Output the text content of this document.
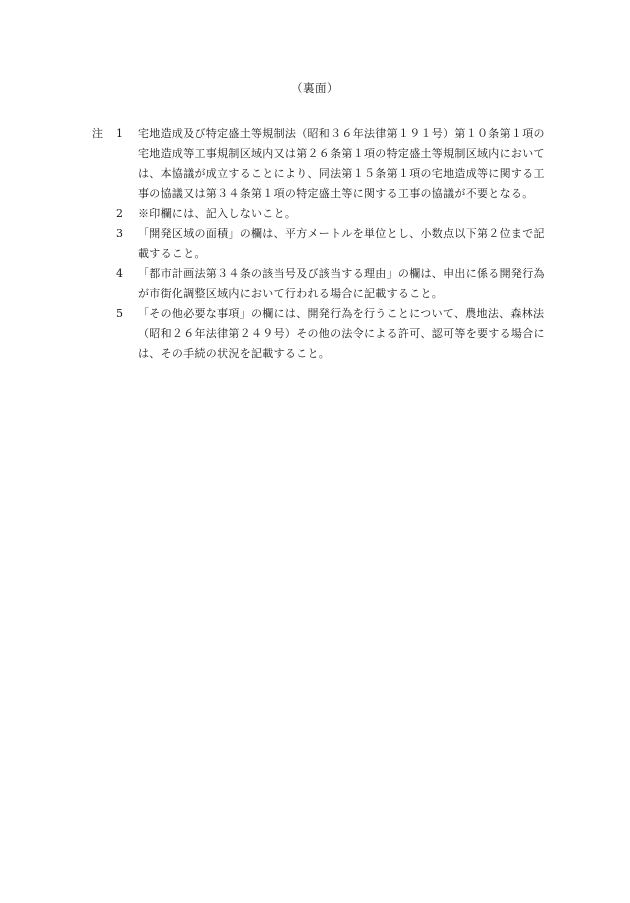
（裏面）
注	1	宅地造成及び特定盛土等規制法（昭和３６年法律第１９１号）第１０条第１項の宅地造成等工事規制区域内又は第２６条第１項の特定盛土等規制区域内においては、本協議が成立することにより、同法第１５条第１項の宅地造成等に関する工事の協議又は第３４条第１項の特定盛土等に関する工事の協議が不要となる。
2	※印欄には、記入しないこと。
3	「開発区域の面積」の欄は、平方メートルを単位とし、小数点以下第２位まで記載すること。
4	「都市計画法第３４条の該当号及び該当する理由」の欄は、申出に係る開発行為が市街化調整区域内において行われる場合に記載すること。
5	「その他必要な事項」の欄には、開発行為を行うことについて、農地法、森林法（昭和２６年法律第２４９号）その他の法令による許可、認可等を要する場合には、その手続の状況を記載すること。
